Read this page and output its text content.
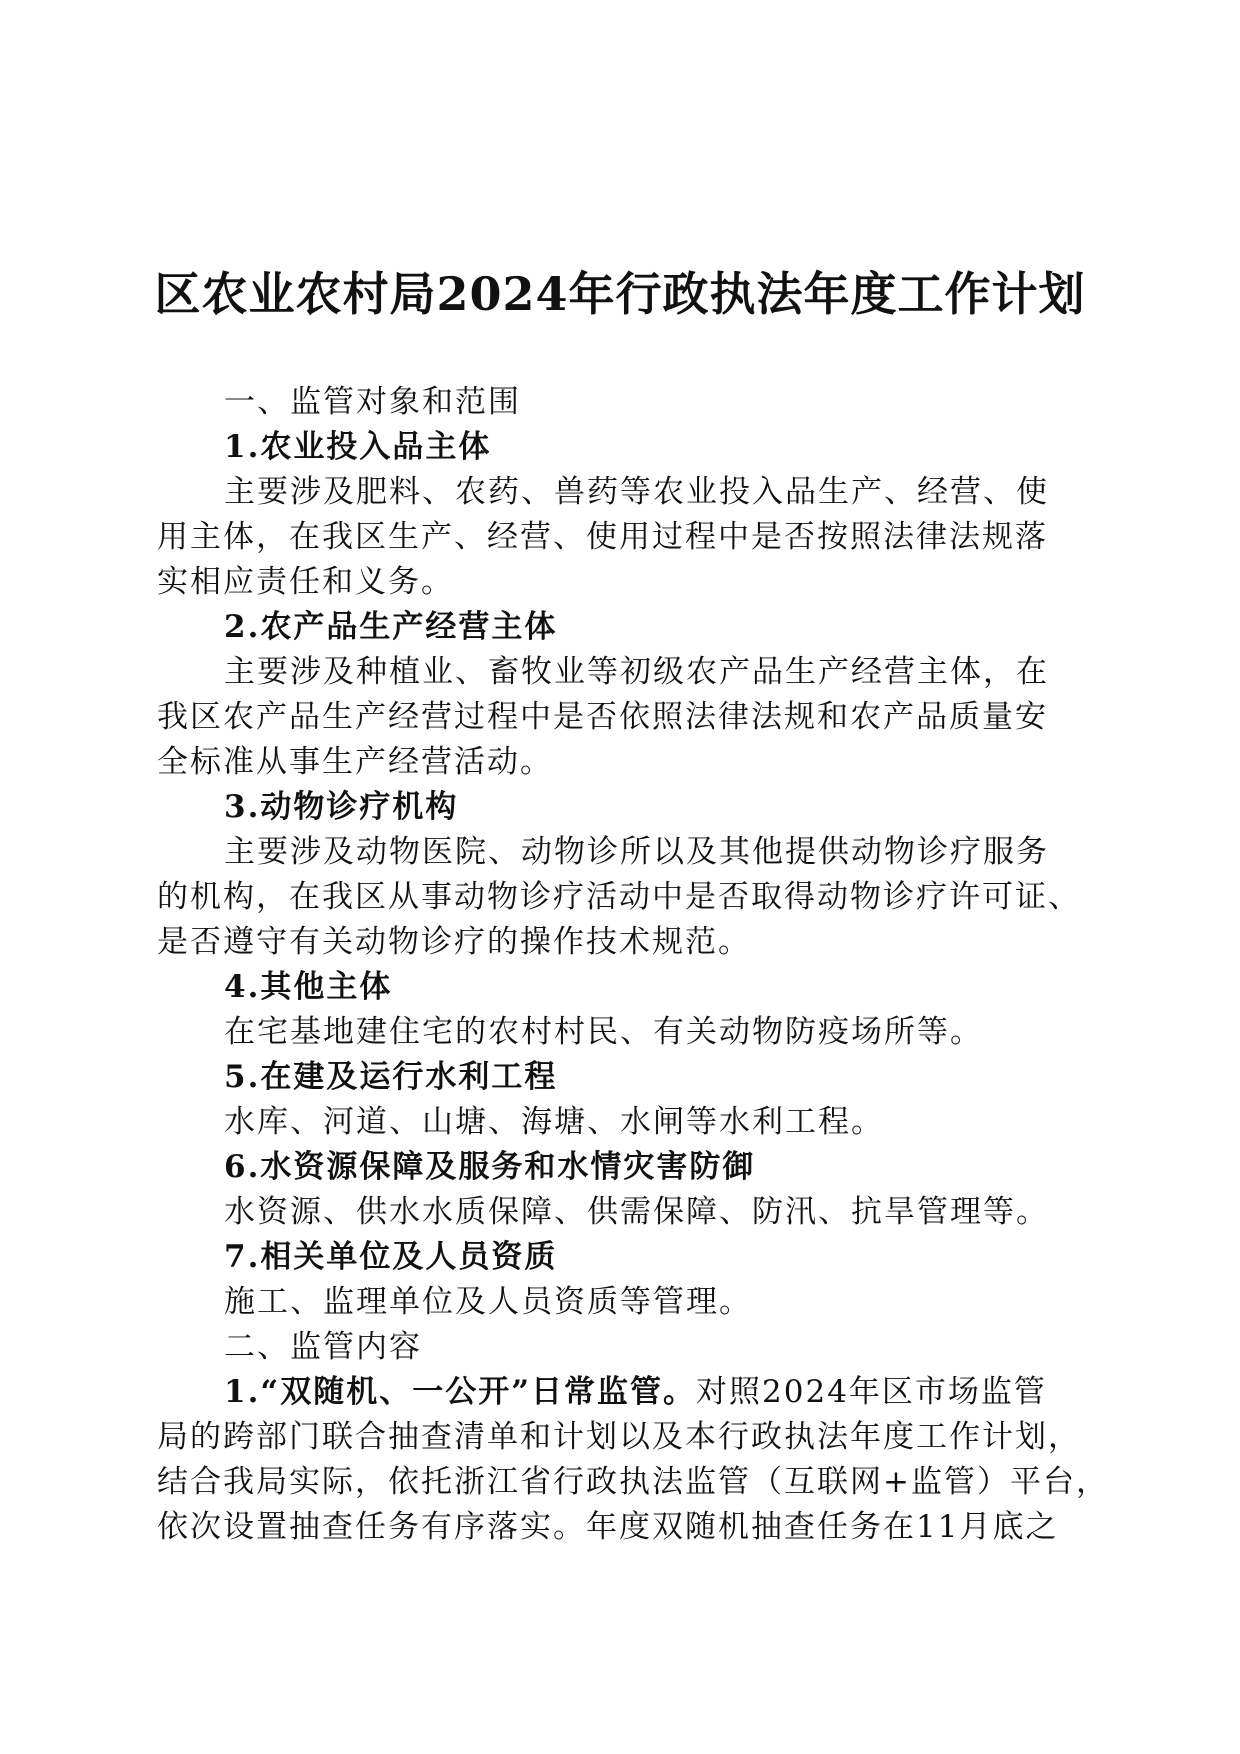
区农业农村局2024年行政执法年度工作计划
一、监管对象和范围
1.农业投入品主体
主要涉及肥料、农药、兽药等农业投入品生产、经营、使
用主体，在我区生产、经营、使用过程中是否按照法律法规落
实相应责任和义务。
2.农产品生产经营主体
主要涉及种植业、畜牧业等初级农产品生产经营主体，在
我区农产品生产经营过程中是否依照法律法规和农产品质量安
全标准从事生产经营活动。
3.动物诊疗机构
主要涉及动物医院、动物诊所以及其他提供动物诊疗服务
的机构，在我区从事动物诊疗活动中是否取得动物诊疗许可证、
是否遵守有关动物诊疗的操作技术规范。
4.其他主体
在宅基地建住宅的农村村民、有关动物防疫场所等。
5.在建及运行水利工程
水库、河道、山塘、海塘、水闸等水利工程。
6.水资源保障及服务和水情灾害防御
水资源、供水水质保障、供需保障、防汛、抗旱管理等。
7.相关单位及人员资质
施工、监理单位及人员资质等管理。
二、监管内容
1.“双随机、一公开”日常监管。对照2024年区市场监管
局的跨部门联合抽查清单和计划以及本行政执法年度工作计划，
结合我局实际，依托浙江省行政执法监管（互联网+监管）平台，
依次设置抽查任务有序落实。年度双随机抽查任务在11月底之
